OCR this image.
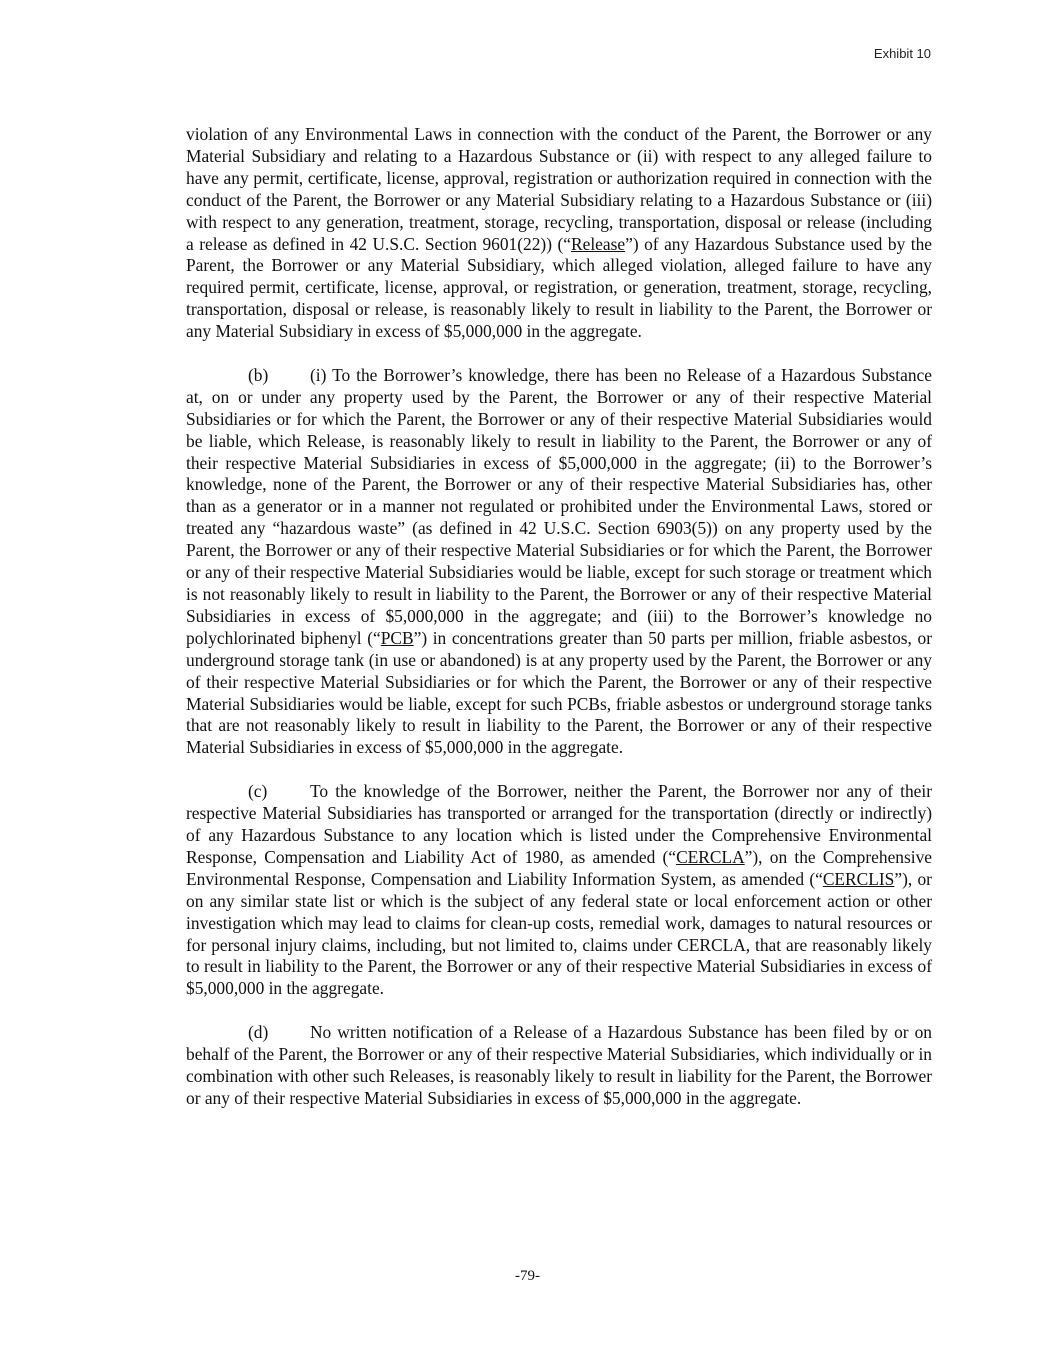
Exhibit 10

violation of any Environmental Laws in connection with the conduct of the Parent, the Borrower or any Material Subsidiary and relating to a Hazardous Substance or (ii) with respect to any alleged failure to have any permit, certificate, license, approval, registration or authorization required in connection with the conduct of the Parent, the Borrower or any Material Subsidiary relating to a Hazardous Substance or (iii) with respect to any generation, treatment, storage, recycling, transportation, disposal or release (including a release as defined in 42 U.S.C. Section 9601(22)) (“Release”) of any Hazardous Substance used by the Parent, the Borrower or any Material Subsidiary, which alleged violation, alleged failure to have any required permit, certificate, license, approval, or registration, or generation, treatment, storage, recycling, transportation, disposal or release, is reasonably likely to result in liability to the Parent, the Borrower or any Material Subsidiary in excess of $5,000,000 in the aggregate.

(b) (i) To the Borrower’s knowledge, there has been no Release of a Hazardous Substance at, on or under any property used by the Parent, the Borrower or any of their respective Material Subsidiaries or for which the Parent, the Borrower or any of their respective Material Subsidiaries would be liable, which Release, is reasonably likely to result in liability to the Parent, the Borrower or any of their respective Material Subsidiaries in excess of $5,000,000 in the aggregate; (ii) to the Borrower’s knowledge, none of the Parent, the Borrower or any of their respective Material Subsidiaries has, other than as a generator or in a manner not regulated or prohibited under the Environmental Laws, stored or treated any “hazardous waste” (as defined in 42 U.S.C. Section 6903(5)) on any property used by the Parent, the Borrower or any of their respective Material Subsidiaries or for which the Parent, the Borrower or any of their respective Material Subsidiaries would be liable, except for such storage or treatment which is not reasonably likely to result in liability to the Parent, the Borrower or any of their respective Material Subsidiaries in excess of $5,000,000 in the aggregate; and (iii) to the Borrower’s knowledge no polychlorinated biphenyl (“PCB”) in concentrations greater than 50 parts per million, friable asbestos, or underground storage tank (in use or abandoned) is at any property used by the Parent, the Borrower or any of their respective Material Subsidiaries or for which the Parent, the Borrower or any of their respective Material Subsidiaries would be liable, except for such PCBs, friable asbestos or underground storage tanks that are not reasonably likely to result in liability to the Parent, the Borrower or any of their respective Material Subsidiaries in excess of $5,000,000 in the aggregate.

(c) To the knowledge of the Borrower, neither the Parent, the Borrower nor any of their respective Material Subsidiaries has transported or arranged for the transportation (directly or indirectly) of any Hazardous Substance to any location which is listed under the Comprehensive Environmental Response, Compensation and Liability Act of 1980, as amended (“CERCLA”), on the Comprehensive Environmental Response, Compensation and Liability Information System, as amended (“CERCLIS”), or on any similar state list or which is the subject of any federal state or local enforcement action or other investigation which may lead to claims for clean-up costs, remedial work, damages to natural resources or for personal injury claims, including, but not limited to, claims under CERCLA, that are reasonably likely to result in liability to the Parent, the Borrower or any of their respective Material Subsidiaries in excess of $5,000,000 in the aggregate.

(d) No written notification of a Release of a Hazardous Substance has been filed by or on behalf of the Parent, the Borrower or any of their respective Material Subsidiaries, which individually or in combination with other such Releases, is reasonably likely to result in liability for the Parent, the Borrower or any of their respective Material Subsidiaries in excess of $5,000,000 in the aggregate.

-79-
